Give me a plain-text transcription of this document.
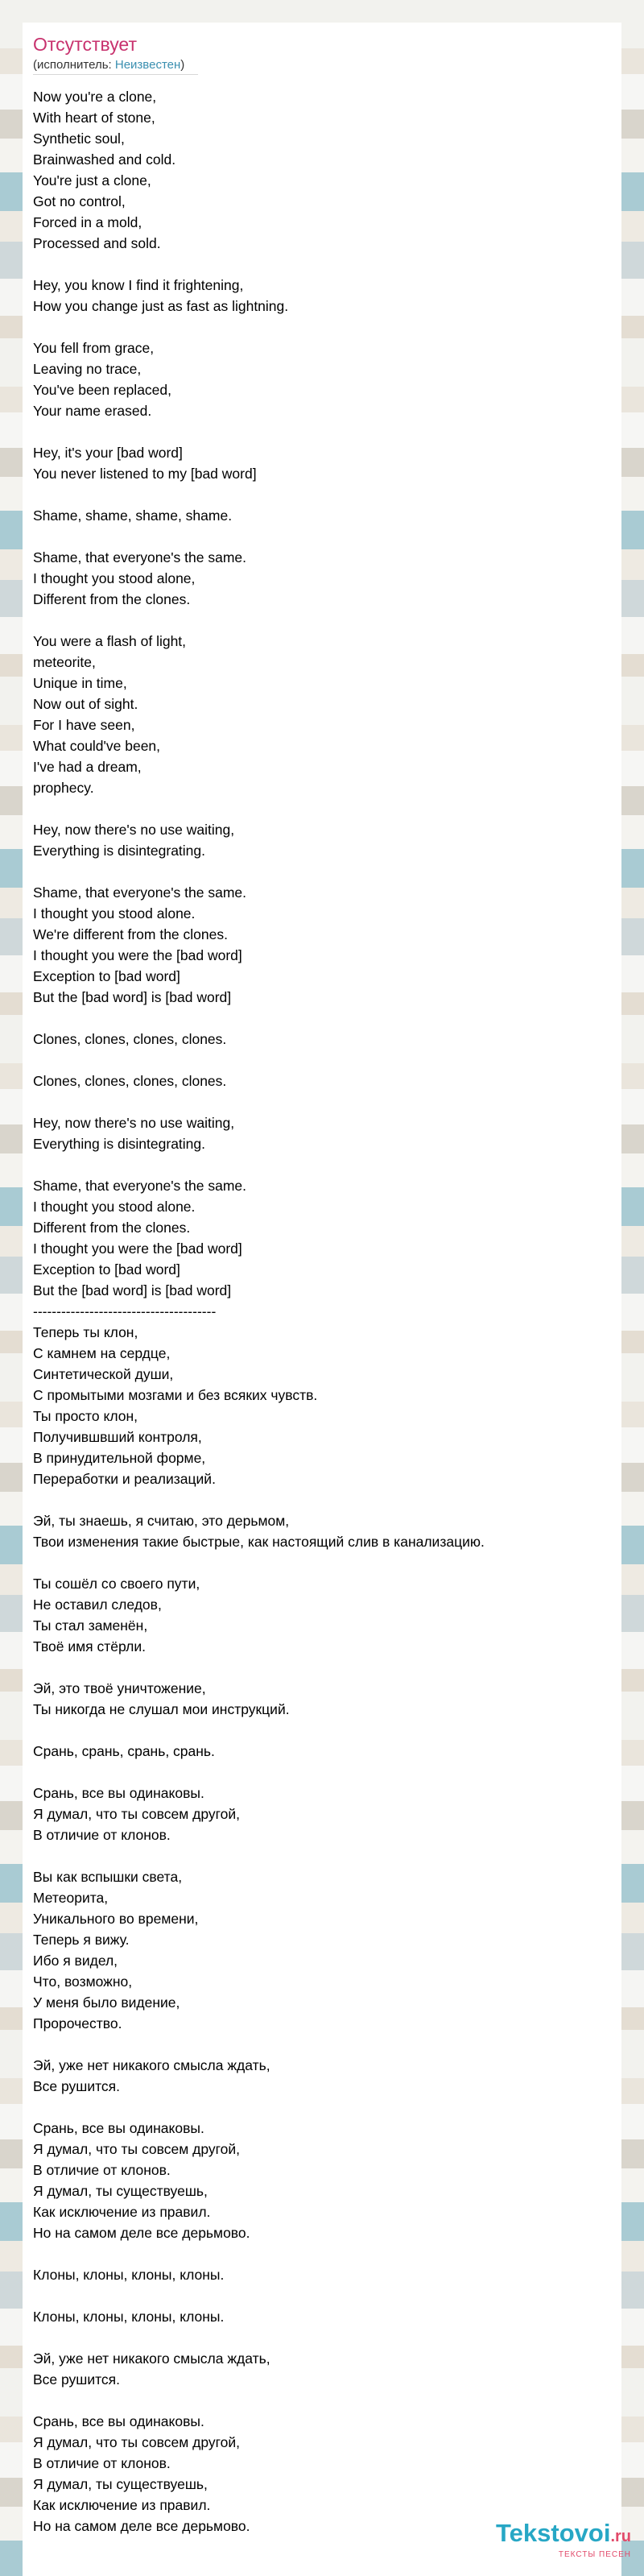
Отсутствует
(исполнитель: Неизвестен)
Now you're a clone,
With heart of stone,
Synthetic soul,
Brainwashed and cold.
You're just a clone,
Got no control,
Forced in a mold,
Processed and sold.

Hey, you know I find it frightening,
How you change just as fast as lightning.

You fell from grace,
Leaving no trace,
You've been replaced,
Your name erased.

Hey, it's your [bad word]
You never listened to my [bad word]

Shame, shame, shame, shame.

Shame, that everyone's the same.
I thought you stood alone,
Different from the clones.

You were a flash of light,
meteorite,
Unique in time,
Now out of sight.
For I have seen,
What could've been,
I've had a dream,
prophecy.

Hey, now there's no use waiting,
Everything is disintegrating.

Shame, that everyone's the same.
I thought you stood alone.
We're different from the clones.
I thought you were the [bad word]
Exception to [bad word]
But the [bad word] is [bad word]

Clones, clones, clones, clones.

Clones, clones, clones, clones.

Hey, now there's no use waiting,
Everything is disintegrating.

Shame, that everyone's the same.
I thought you stood alone.
Different from the clones.
I thought you were the [bad word]
Exception to [bad word]
But the [bad word] is [bad word]
---------------------------------------
Теперь ты клон,
С камнем на сердце,
Синтетической души,
С промытыми мозгами и без всяких чувств.
Ты просто клон,
Получившвший контроля,
В принудительной форме,
Переработки и реализаций.

Эй, ты знаешь, я считаю, это дерьмом,
Твои изменения такие быстрые, как настоящий слив в канализацию.

Ты сошёл со своего пути,
Не оставил следов,
Ты стал заменён,
Твоё имя стёрли.

Эй, это твоё уничтожение,
Ты никогда не слушал мои инструкций.

Срань, срань, срань, срань.

Срань, все вы одинаковы.
Я думал, что ты совсем другой,
В отличие от клонов.

Вы как вспышки света,
Метеорита,
Уникального во времени,
Теперь я вижу.
Ибо я видел,
Что, возможно,
У меня было видение,
Пророчество.

Эй, уже нет никакого смысла ждать,
Все рушится.

Срань, все вы одинаковы.
Я думал, что ты совсем другой,
В отличие от клонов.
Я думал, ты существуешь,
Как исключение из правил.
Но на самом деле все дерьмово.

Клоны, клоны, клоны, клоны.

Клоны, клоны, клоны, клоны.

Эй, уже нет никакого смысла ждать,
Все рушится.

Срань, все вы одинаковы.
Я думал, что ты совсем другой,
В отличие от клонов.
Я думал, ты существуешь,
Как исключение из правил.
Но на самом деле все дерьмово.	Tekstovoi.ru
ТЕКСТЫ ПЕСЕН
